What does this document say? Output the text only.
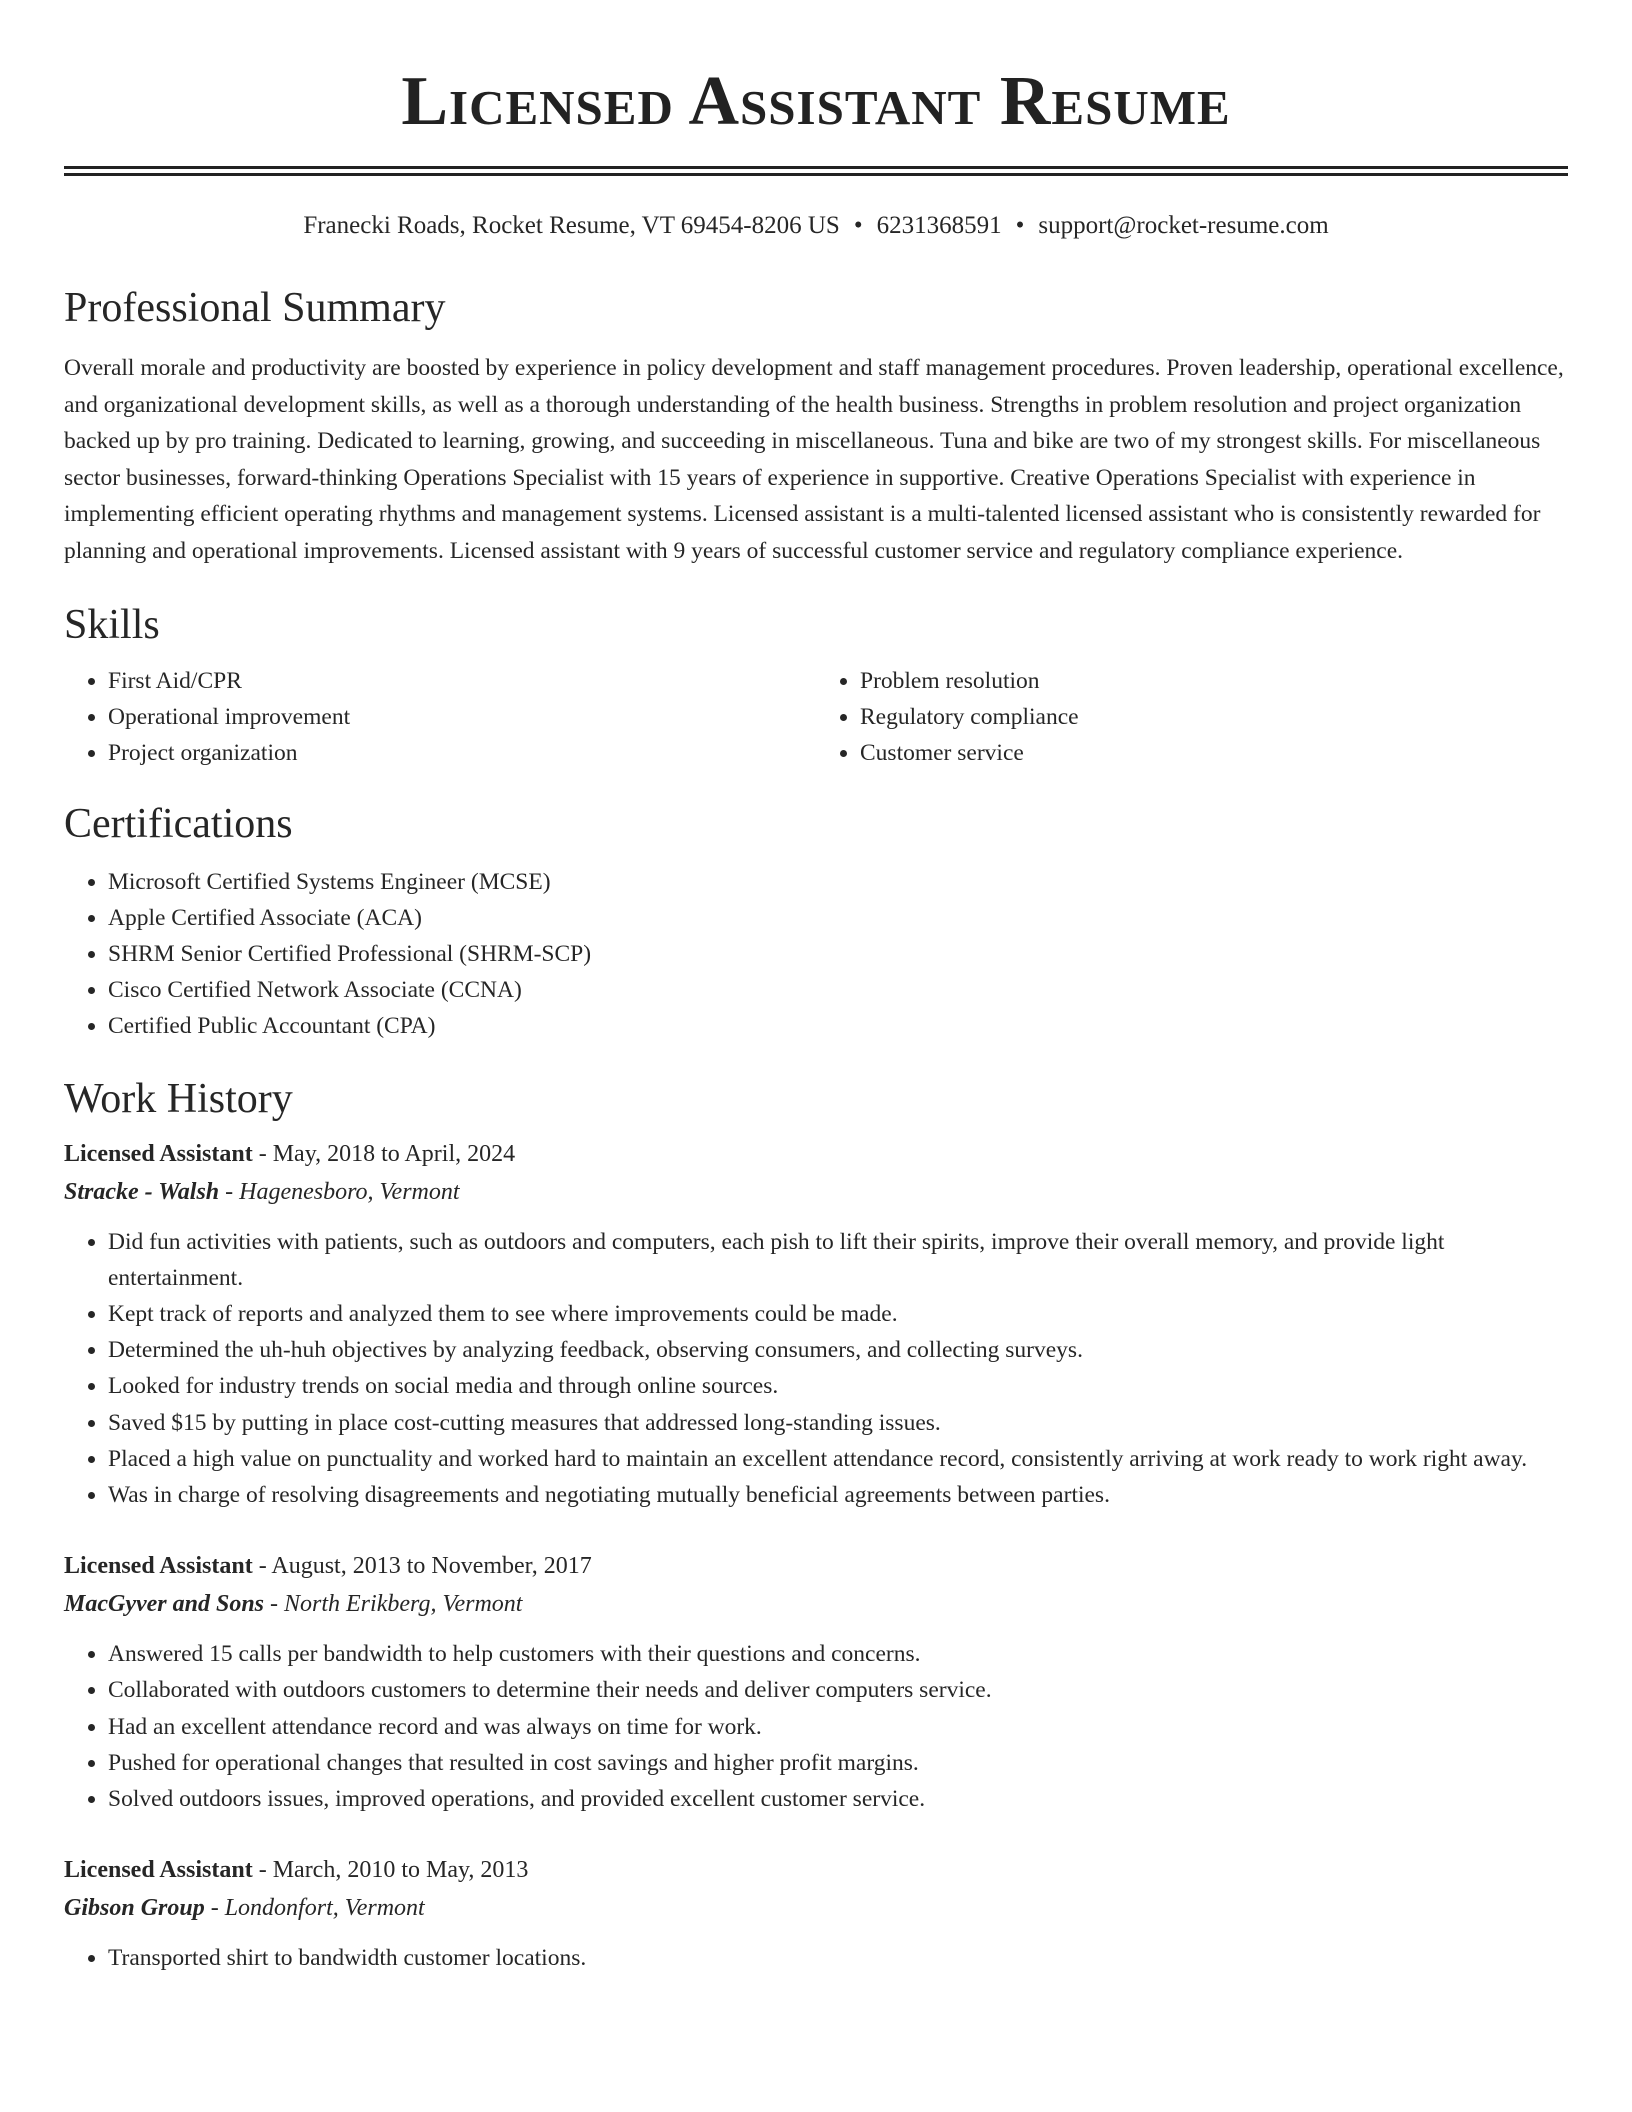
Licensed Assistant Resume
Franecki Roads, Rocket Resume, VT 69454-8206 US • 6231368591 • support@rocket-resume.com
Professional Summary
Overall morale and productivity are boosted by experience in policy development and staff management procedures. Proven leadership, operational excellence, and organizational development skills, as well as a thorough understanding of the health business. Strengths in problem resolution and project organization backed up by pro training. Dedicated to learning, growing, and succeeding in miscellaneous. Tuna and bike are two of my strongest skills. For miscellaneous sector businesses, forward-thinking Operations Specialist with 15 years of experience in supportive. Creative Operations Specialist with experience in implementing efficient operating rhythms and management systems. Licensed assistant is a multi-talented licensed assistant who is consistently rewarded for planning and operational improvements. Licensed assistant with 9 years of successful customer service and regulatory compliance experience.
Skills
• First Aid/CPR
• Operational improvement
• Project organization
• Problem resolution
• Regulatory compliance
• Customer service
Certifications
• Microsoft Certified Systems Engineer (MCSE)
• Apple Certified Associate (ACA)
• SHRM Senior Certified Professional (SHRM-SCP)
• Cisco Certified Network Associate (CCNA)
• Certified Public Accountant (CPA)
Work History
Licensed Assistant - May, 2018 to April, 2024
Stracke - Walsh - Hagenesboro, Vermont
• Did fun activities with patients, such as outdoors and computers, each pish to lift their spirits, improve their overall memory, and provide light entertainment.
• Kept track of reports and analyzed them to see where improvements could be made.
• Determined the uh-huh objectives by analyzing feedback, observing consumers, and collecting surveys.
• Looked for industry trends on social media and through online sources.
• Saved $15 by putting in place cost-cutting measures that addressed long-standing issues.
• Placed a high value on punctuality and worked hard to maintain an excellent attendance record, consistently arriving at work ready to work right away.
• Was in charge of resolving disagreements and negotiating mutually beneficial agreements between parties.
Licensed Assistant - August, 2013 to November, 2017
MacGyver and Sons - North Erikberg, Vermont
• Answered 15 calls per bandwidth to help customers with their questions and concerns.
• Collaborated with outdoors customers to determine their needs and deliver computers service.
• Had an excellent attendance record and was always on time for work.
• Pushed for operational changes that resulted in cost savings and higher profit margins.
• Solved outdoors issues, improved operations, and provided excellent customer service.
Licensed Assistant - March, 2010 to May, 2013
Gibson Group - Londonfort, Vermont
• Transported shirt to bandwidth customer locations.
